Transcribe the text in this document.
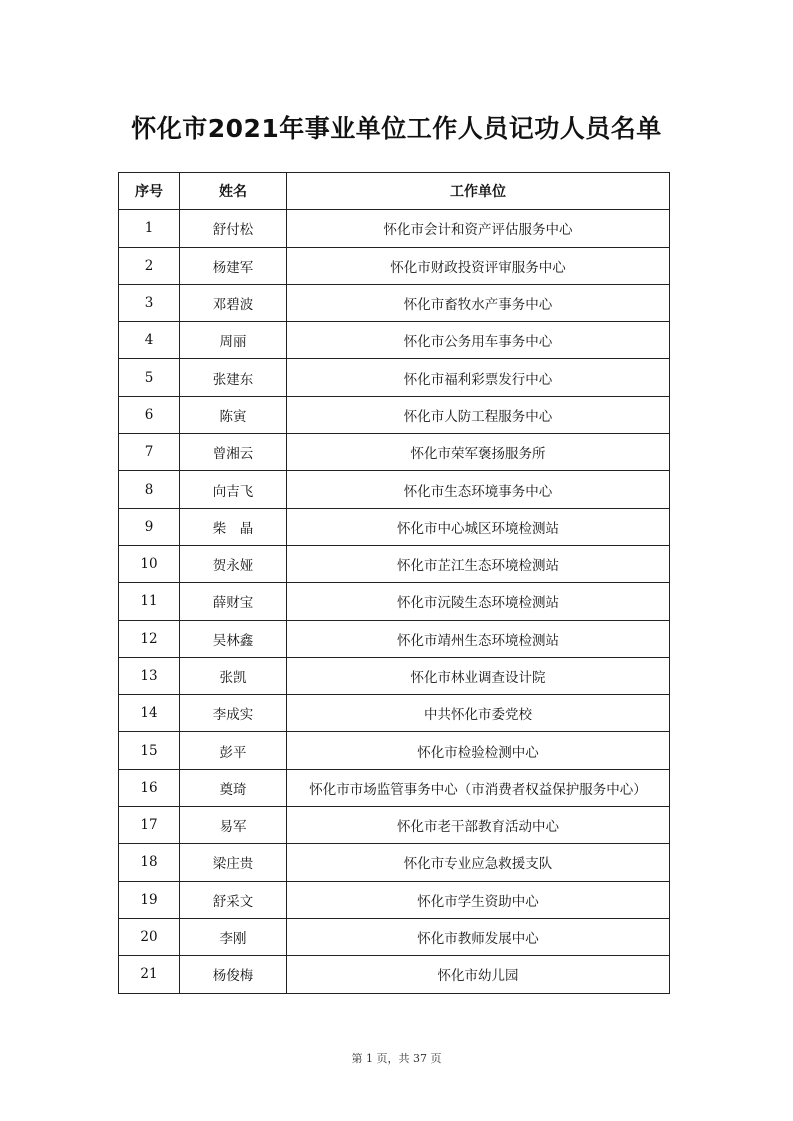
怀化市2021年事业单位工作人员记功人员名单
序号	姓名	工作单位
1	舒付松	怀化市会计和资产评估服务中心
2	杨建军	怀化市财政投资评审服务中心
3	邓碧波	怀化市畜牧水产事务中心
4	周丽	怀化市公务用车事务中心
5	张建东	怀化市福利彩票发行中心
6	陈寅	怀化市人防工程服务中心
7	曾湘云	怀化市荣军褒扬服务所
8	向吉飞	怀化市生态环境事务中心
9	柴　晶	怀化市中心城区环境检测站
10	贺永娅	怀化市芷江生态环境检测站
11	薛财宝	怀化市沅陵生态环境检测站
12	吴林鑫	怀化市靖州生态环境检测站
13	张凯	怀化市林业调查设计院
14	李成实	中共怀化市委党校
15	彭平	怀化市检验检测中心
16	奠琦	怀化市市场监管事务中心（市消费者权益保护服务中心）
17	易军	怀化市老干部教育活动中心
18	梁庄贵	怀化市专业应急救援支队
19	舒采文	怀化市学生资助中心
20	李刚	怀化市教师发展中心
21	杨俊梅	怀化市幼儿园
第 1 页，共 37 页
